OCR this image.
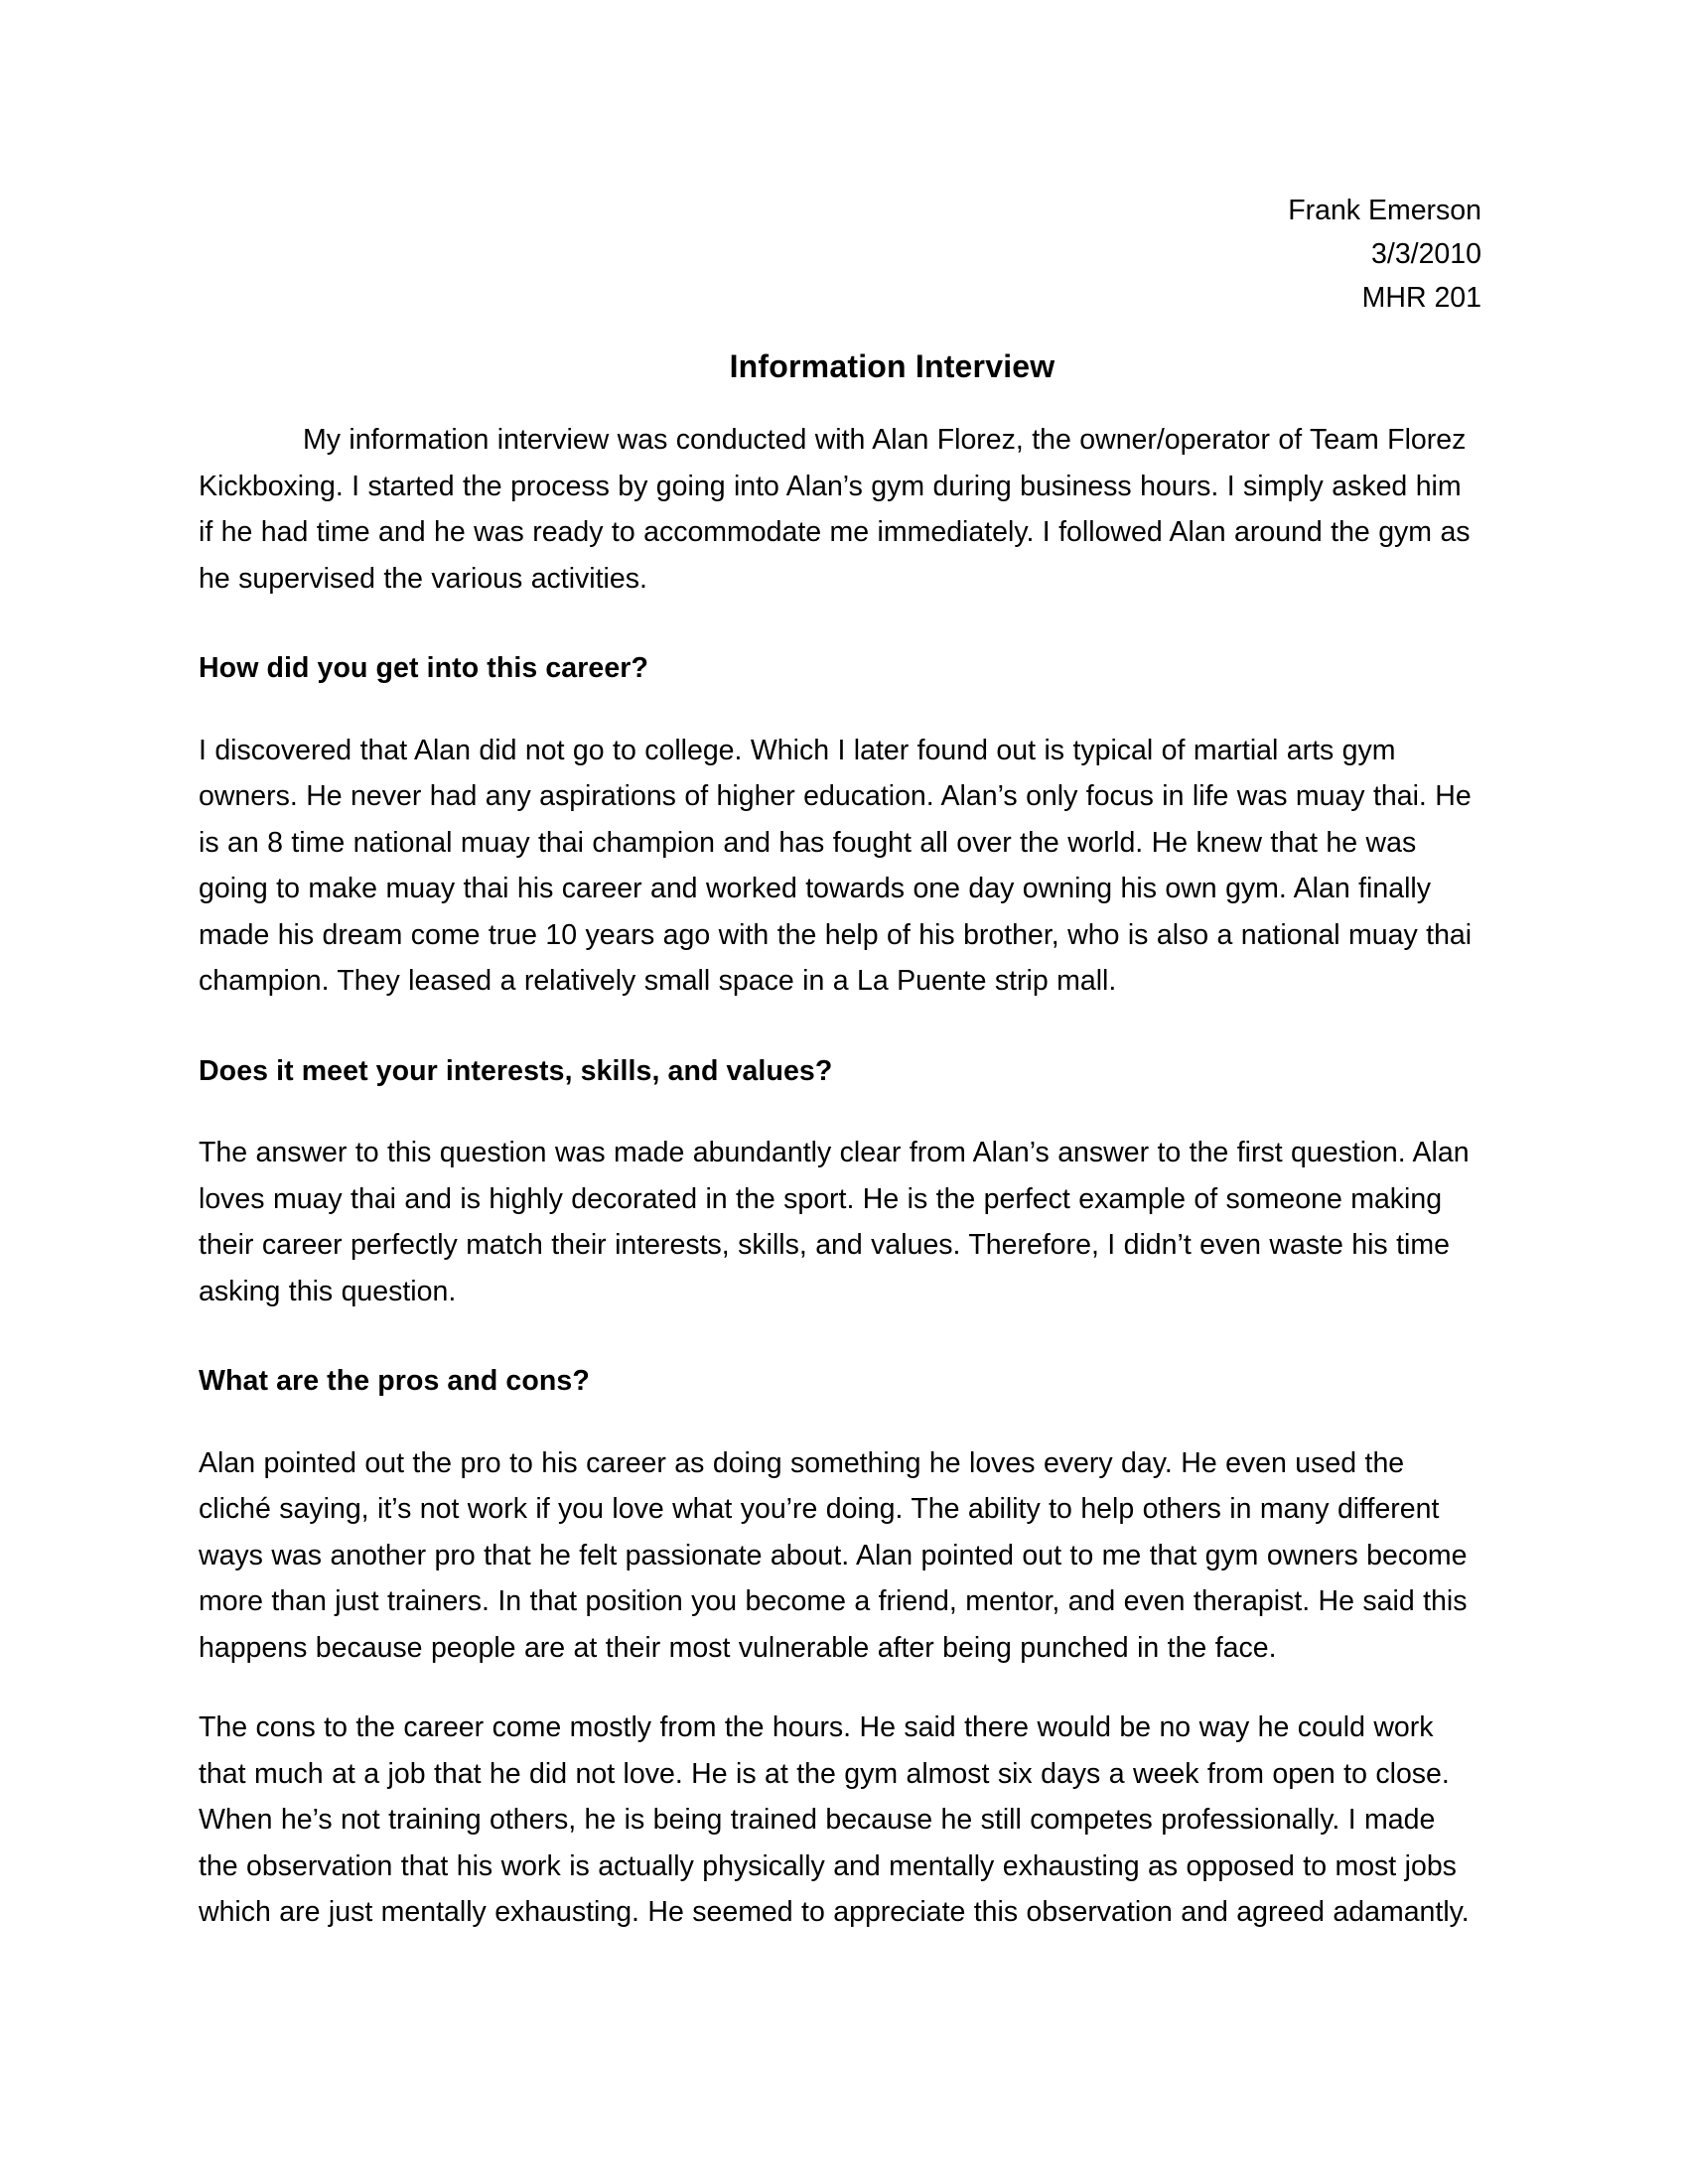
Frank Emerson
3/3/2010
MHR 201
Information Interview

My information interview was conducted with Alan Florez, the owner/operator of Team Florez Kickboxing. I started the process by going into Alan’s gym during business hours. I simply asked him if he had time and he was ready to accommodate me immediately. I followed Alan around the gym as he supervised the various activities.

How did you get into this career?

I discovered that Alan did not go to college. Which I later found out is typical of martial arts gym owners. He never had any aspirations of higher education. Alan’s only focus in life was muay thai. He is an 8 time national muay thai champion and has fought all over the world. He knew that he was going to make muay thai his career and worked towards one day owning his own gym. Alan finally made his dream come true 10 years ago with the help of his brother, who is also a national muay thai champion. They leased a relatively small space in a La Puente strip mall.

Does it meet your interests, skills, and values?

The answer to this question was made abundantly clear from Alan’s answer to the first question. Alan loves muay thai and is highly decorated in the sport. He is the perfect example of someone making their career perfectly match their interests, skills, and values. Therefore, I didn’t even waste his time asking this question.

What are the pros and cons?

Alan pointed out the pro to his career as doing something he loves every day. He even used the cliché saying, it’s not work if you love what you’re doing. The ability to help others in many different ways was another pro that he felt passionate about. Alan pointed out to me that gym owners become more than just trainers. In that position you become a friend, mentor, and even therapist. He said this happens because people are at their most vulnerable after being punched in the face.

The cons to the career come mostly from the hours. He said there would be no way he could work that much at a job that he did not love. He is at the gym almost six days a week from open to close. When he’s not training others, he is being trained because he still competes professionally. I made the observation that his work is actually physically and mentally exhausting as opposed to most jobs which are just mentally exhausting. He seemed to appreciate this observation and agreed adamantly.
